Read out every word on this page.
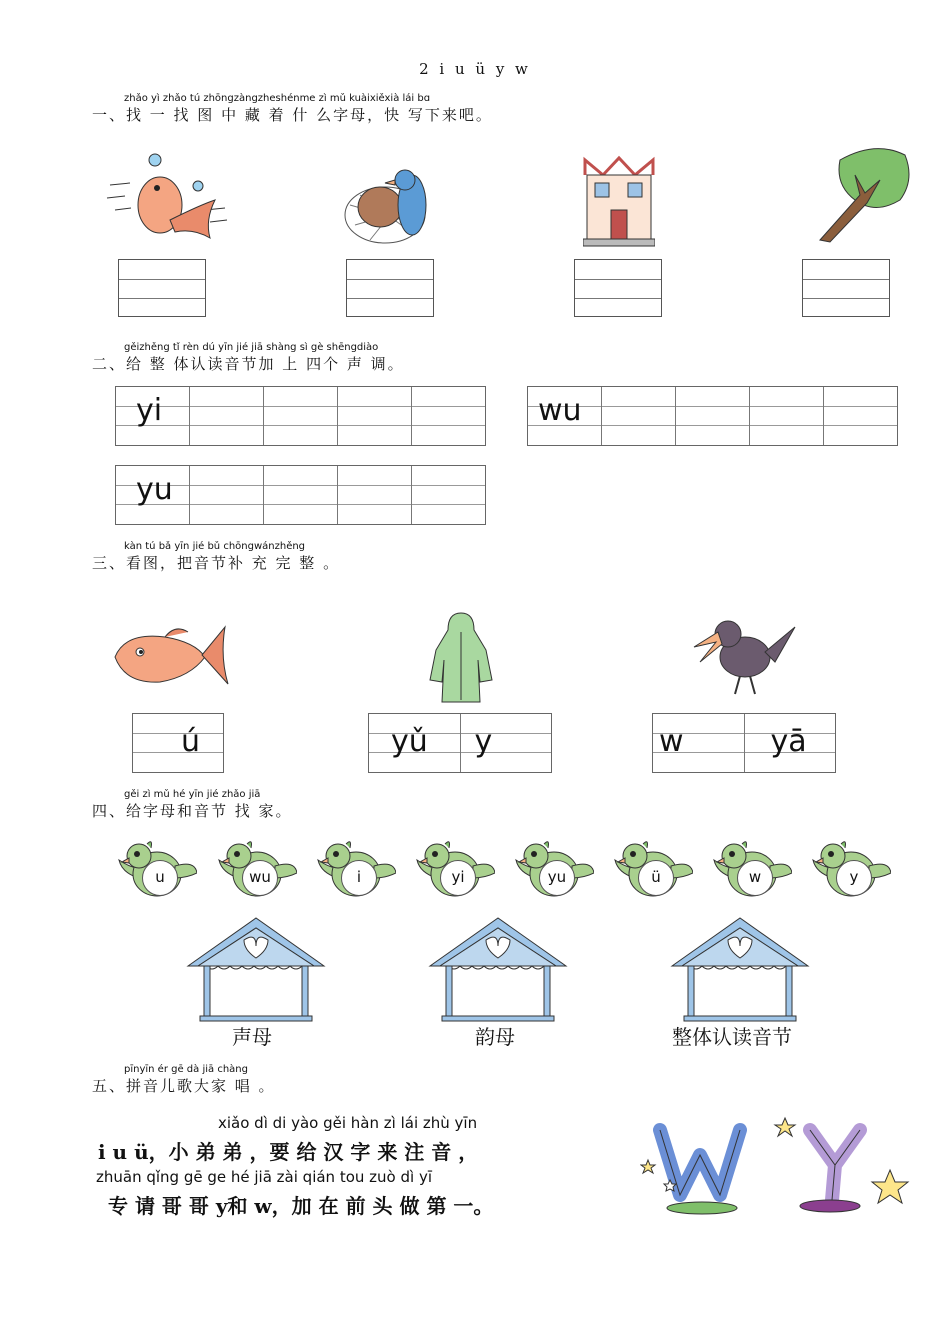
2 i u ü y w
zhǎo yì zhǎo tú zhōngzàngzheshénme zì mǔ kuàixiěxià lái bɑ
一、找 一 找 图 中 藏 着 什 么字母，快 写下来吧。
gěizhěng tǐ rèn dú yīn jié jiā shàng sì gè shēngdiào
二、给 整 体认读音节加 上 四个 声 调。
yi	wu
yu
kàn tú bǎ yīn jié bǔ chōngwánzhěng
三、看图，把音节补 充 完 整 。
ú	yǔ y	w	yā
gěi zì mǔ hé yīn jié zhǎo jiā
四、给字母和音节 找 家。
u	wu	i	yi	yu	ü	w	y
声母	韵母	整体认读音节
pīnyīn ér gē dà jiā chàng
五、拼音儿歌大家 唱 。
xiǎo dì di yào gěi hàn zì lái zhù yīn
i u ü，小 弟 弟 ，要 给 汉 字 来 注 音 ，
zhuān qǐng gē ge hé jiā zài qián tou zuò dì yī
专 请 哥 哥 y和 w，加 在 前 头 做 第 一。
